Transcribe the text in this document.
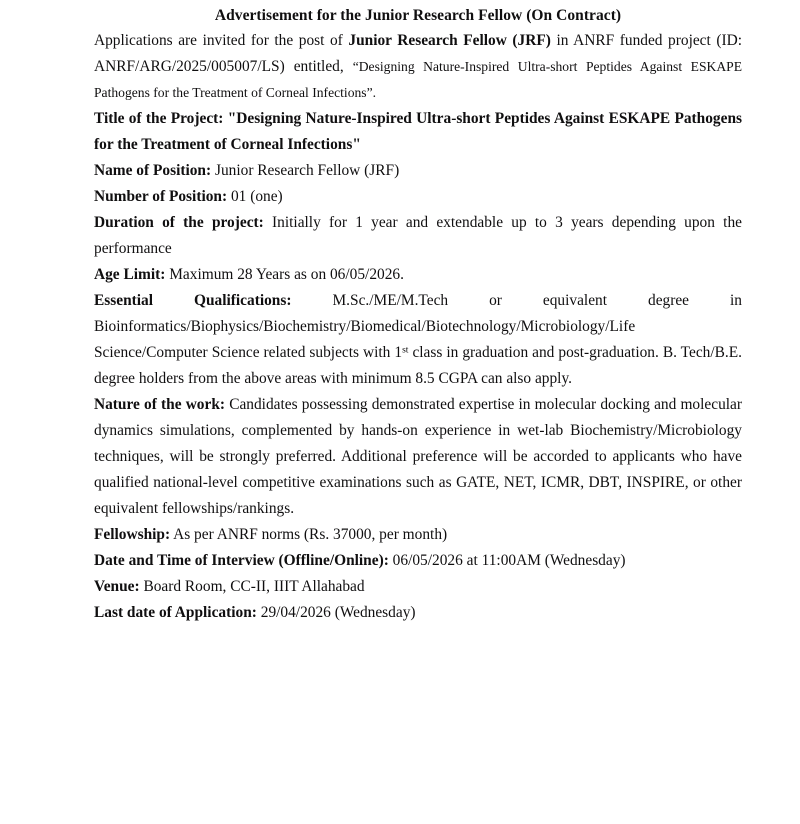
Advertisement for the Junior Research Fellow (On Contract)

Applications are invited for the post of Junior Research Fellow (JRF) in ANRF funded project (ID: ANRF/ARG/2025/005007/LS) entitled, “Designing Nature-Inspired Ultra-short Peptides Against ESKAPE Pathogens for the Treatment of Corneal Infections”.

Title of the Project: "Designing Nature-Inspired Ultra-short Peptides Against ESKAPE Pathogens for the Treatment of Corneal Infections"

Name of Position: Junior Research Fellow (JRF)

Number of Position: 01 (one)

Duration of the project: Initially for 1 year and extendable up to 3 years depending upon the performance

Age Limit: Maximum 28 Years as on 06/05/2026.

Essential Qualifications: M.Sc./ME/M.Tech or equivalent degree in Bioinformatics/Biophysics/Biochemistry/Biomedical/Biotechnology/Microbiology/Life Science/Computer Science related subjects with 1st class in graduation and post-graduation. B. Tech/B.E. degree holders from the above areas with minimum 8.5 CGPA can also apply.

Nature of the work: Candidates possessing demonstrated expertise in molecular docking and molecular dynamics simulations, complemented by hands-on experience in wet-lab Biochemistry/Microbiology techniques, will be strongly preferred. Additional preference will be accorded to applicants who have qualified national-level competitive examinations such as GATE, NET, ICMR, DBT, INSPIRE, or other equivalent fellowships/rankings.

Fellowship: As per ANRF norms (Rs. 37000, per month)

Date and Time of Interview (Offline/Online): 06/05/2026 at 11:00AM (Wednesday)

Venue: Board Room, CC-II, IIIT Allahabad

Last date of Application: 29/04/2026 (Wednesday)
